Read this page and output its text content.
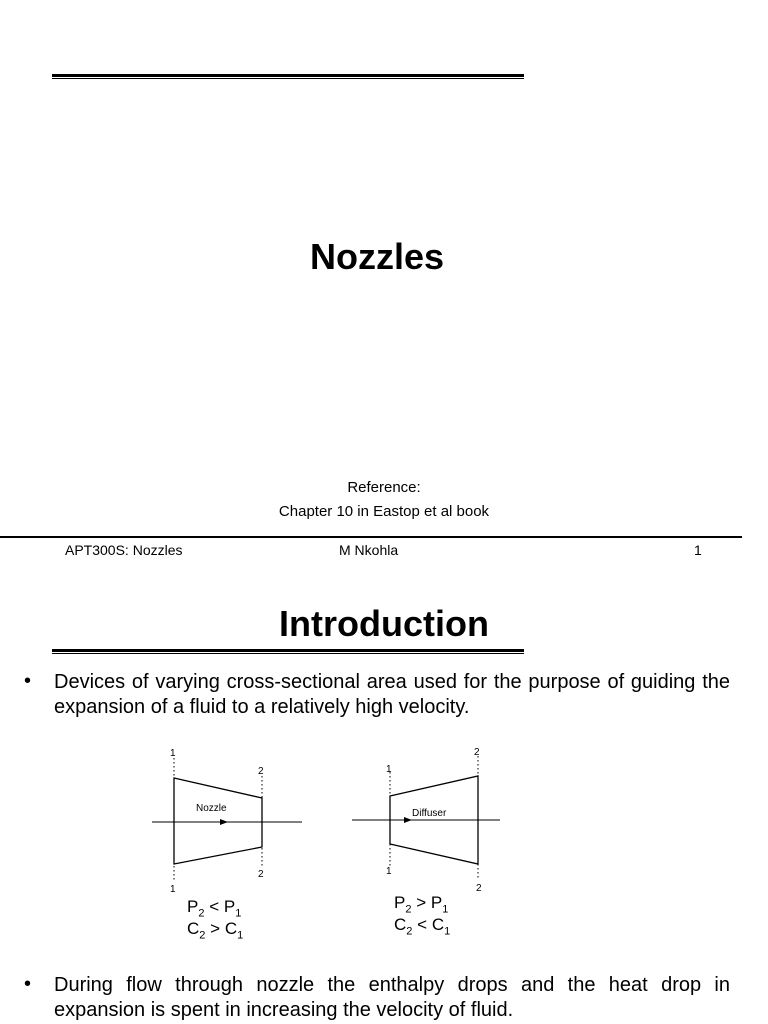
Nozzles
Reference:
Chapter 10 in Eastop et al book
APT300S: Nozzles	M Nkohla	1
Introduction
• Devices of varying cross-sectional area used for the purpose of guiding the expansion of a fluid to a relatively high velocity.
Nozzle
1
1
2
2
Diffuser
1
1
2
2
$P_2 < P_1$
$C_2 > C_1$
$P_2 > P_1$
$C_2 < C_1$
• During flow through nozzle the enthalpy drops and the heat drop in expansion is spent in increasing the velocity of fluid.
